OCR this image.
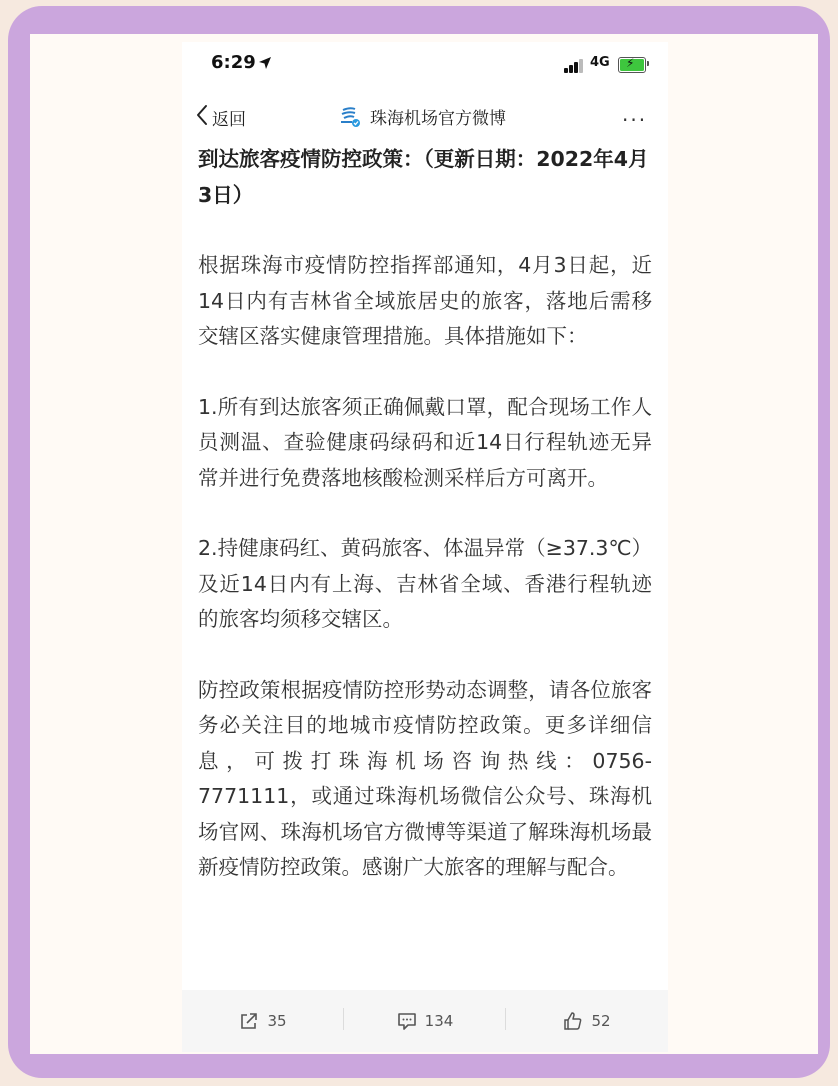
6:29	4G ⚡
返回	珠海机场官方微博	···

到达旅客疫情防控政策：（更新日期：2022年4月3日）

根据珠海市疫情防控指挥部通知，4月3日起，近14日内有吉林省全域旅居史的旅客，落地后需移交辖区落实健康管理措施。具体措施如下：

1.所有到达旅客须正确佩戴口罩，配合现场工作人员测温、查验健康码绿码和近14日行程轨迹无异常并进行免费落地核酸检测采样后方可离开。

2.持健康码红、黄码旅客、体温异常（≥37.3℃）及近14日内有上海、吉林省全域、香港行程轨迹的旅客均须移交辖区。

防控政策根据疫情防控形势动态调整，请各位旅客务必关注目的地城市疫情防控政策。更多详细信息，可拨打珠海机场咨询热线：0756-7771111，或通过珠海机场微信公众号、珠海机场官网、珠海机场官方微博等渠道了解珠海机场最新疫情防控政策。感谢广大旅客的理解与配合。

35	134	52
